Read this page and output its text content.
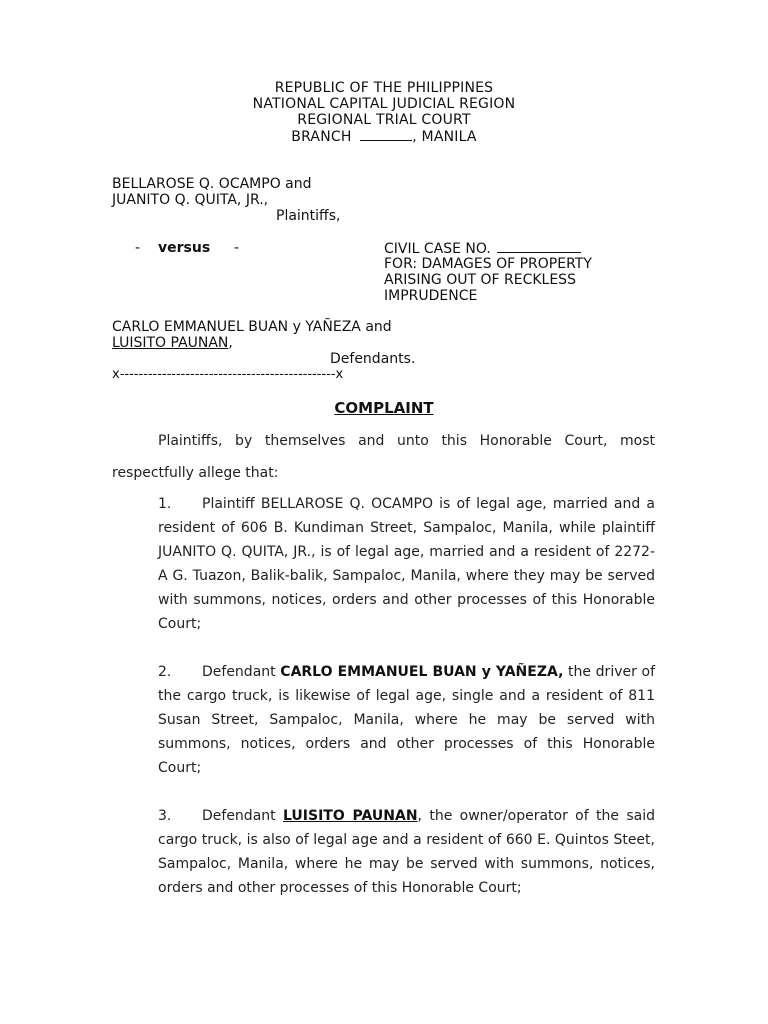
REPUBLIC OF THE PHILIPPINES
NATIONAL CAPITAL JUDICIAL REGION
REGIONAL TRIAL COURT
BRANCH	, MANILA
BELLAROSE Q. OCAMPO and
JUANITO Q. QUITA, JR.,
Plaintiffs,
- versus -	CIVIL CASE NO.
FOR: DAMAGES OF PROPERTY
ARISING OUT OF RECKLESS
IMPRUDENCE
CARLO EMMANUEL BUAN y YAÑEZA and
LUISITO PAUNAN,
Defendants.
x----------------------------------------------x
COMPLAINT
Plaintiffs, by themselves and unto this Honorable Court, most respectfully allege that:
1. Plaintiff BELLAROSE Q. OCAMPO is of legal age, married and a resident of 606 B. Kundiman Street, Sampaloc, Manila, while plaintiff JUANITO Q. QUITA, JR., is of legal age, married and a resident of 2272-A G. Tuazon, Balik-balik, Sampaloc, Manila, where they may be served with summons, notices, orders and other processes of this Honorable Court;
2. Defendant CARLO EMMANUEL BUAN y YAÑEZA, the driver of the cargo truck, is likewise of legal age, single and a resident of 811 Susan Street, Sampaloc, Manila, where he may be served with summons, notices, orders and other processes of this Honorable Court;
3. Defendant LUISITO PAUNAN, the owner/operator of the said cargo truck, is also of legal age and a resident of 660 E. Quintos Steet, Sampaloc, Manila, where he may be served with summons, notices, orders and other processes of this Honorable Court;
